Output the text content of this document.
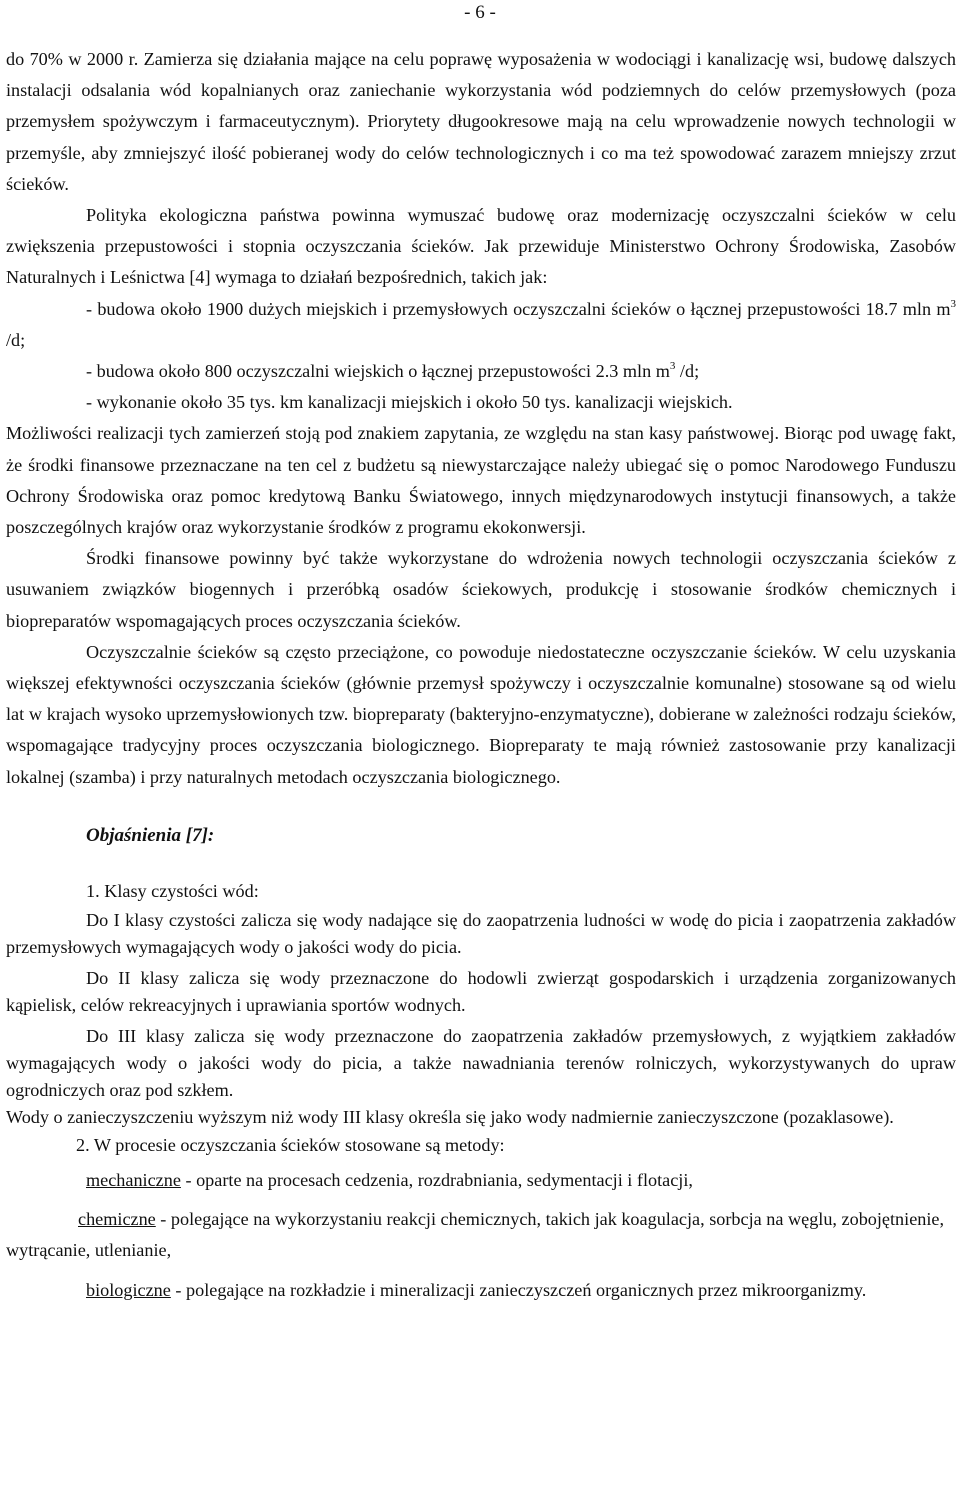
- 6 -

do 70% w 2000 r. Zamierza się działania mające na celu poprawę wyposażenia w wodociągi i kanalizację wsi, budowę dalszych instalacji odsalania wód kopalnianych oraz zaniechanie wykorzystania wód podziemnych do celów przemysłowych (poza przemysłem spożywczym i farmaceutycznym). Priorytety długookresowe mają na celu wprowadzenie nowych technologii w przemyśle, aby zmniejszyć ilość pobieranej wody do celów technologicznych i co ma też spowodować zarazem mniejszy zrzut ścieków.

Polityka ekologiczna państwa powinna wymuszać budowę oraz modernizację oczyszczalni ścieków w celu zwiększenia przepustowości i stopnia oczyszczania ścieków. Jak przewiduje Ministerstwo Ochrony Środowiska, Zasobów Naturalnych i Leśnictwa [4] wymaga to działań bezpośrednich, takich jak:

- budowa około 1900 dużych miejskich i przemysłowych oczyszczalni ścieków o łącznej przepustowości 18.7 mln $m^3$ /d;

- budowa około 800 oczyszczalni wiejskich o łącznej przepustowości 2.3 mln $m^3$ /d;

- wykonanie około 35 tys. km kanalizacji miejskich i około 50 tys. kanalizacji wiejskich.

Możliwości realizacji tych zamierzeń stoją pod znakiem zapytania, ze względu na stan kasy państwowej. Biorąc pod uwagę fakt, że środki finansowe przeznaczane na ten cel z budżetu są niewystarczające należy ubiegać się o pomoc Narodowego Funduszu Ochrony Środowiska oraz pomoc kredytową Banku Światowego, innych międzynarodowych instytucji finansowych, a także poszczególnych krajów oraz wykorzystanie środków z programu ekokonwersji.

Środki finansowe powinny być także wykorzystane do wdrożenia nowych technologii oczyszczania ścieków z usuwaniem związków biogennych i przeróbką osadów ściekowych, produkcję i stosowanie środków chemicznych i biopreparatów wspomagających proces oczyszczania ścieków.

Oczyszczalnie ścieków są często przeciążone, co powoduje niedostateczne oczyszczanie ścieków. W celu uzyskania większej efektywności oczyszczania ścieków (głównie przemysł spożywczy i oczyszczalnie komunalne) stosowane są od wielu lat w krajach wysoko uprzemysłowionych tzw. biopreparaty (bakteryjno-enzymatyczne), dobierane w zależności rodzaju ścieków, wspomagające tradycyjny proces oczyszczania biologicznego. Biopreparaty te mają również zastosowanie przy kanalizacji lokalnej (szamba) i przy naturalnych metodach oczyszczania biologicznego.

Objaśnienia [7]:

1. Klasy czystości wód:

Do I klasy czystości zalicza się wody nadające się do zaopatrzenia ludności w wodę do picia i zaopatrzenia zakładów przemysłowych wymagających wody o jakości wody do picia.

Do II klasy zalicza się wody przeznaczone do hodowli zwierząt gospodarskich i urządzenia zorganizowanych kąpielisk, celów rekreacyjnych i uprawiania sportów wodnych.

Do III klasy zalicza się wody przeznaczone do zaopatrzenia zakładów przemysłowych, z wyjątkiem zakładów wymagających wody o jakości wody do picia, a także nawadniania terenów rolniczych, wykorzystywanych do upraw ogrodniczych oraz pod szkłem.

Wody o zanieczyszczeniu wyższym niż wody III klasy określa się jako wody nadmiernie zanieczyszczone (pozaklasowe).

2. W procesie oczyszczania ścieków stosowane są metody:

mechaniczne - oparte na procesach cedzenia, rozdrabniania, sedymentacji i flotacji,

chemiczne - polegające na wykorzystaniu reakcji chemicznych, takich jak koagulacja, sorbcja na węglu, zobojętnienie, wytrącanie, utlenianie,

biologiczne - polegające na rozkładzie i mineralizacji zanieczyszczeń organicznych przez mikroorganizmy.
